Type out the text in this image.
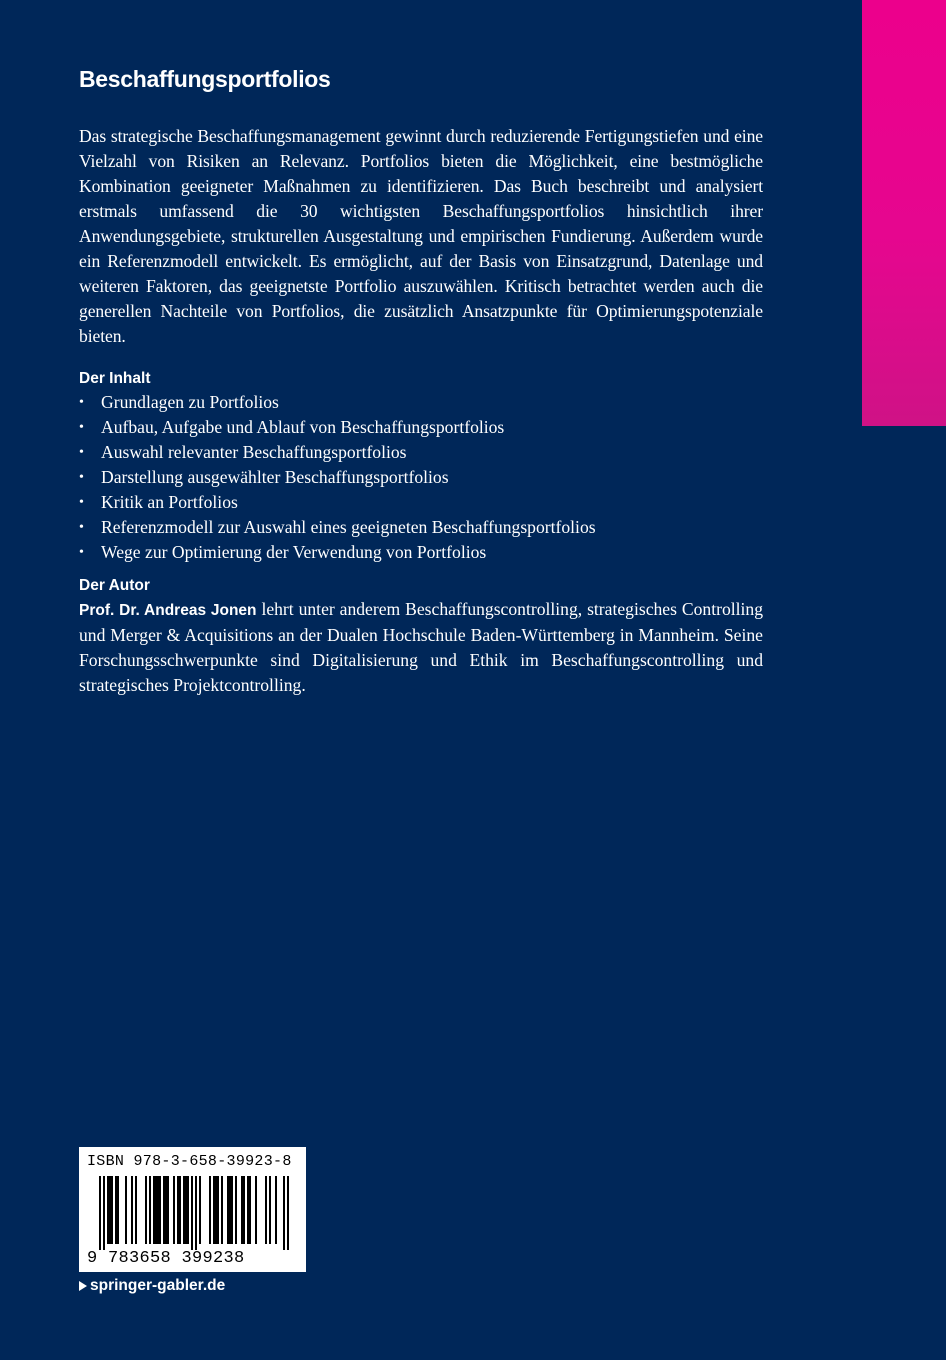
Beschaffungsportfolios

Das strategische Beschaffungsmanagement gewinnt durch reduzierende Fertigungstiefen und eine Vielzahl von Risiken an Relevanz. Portfolios bieten die Möglichkeit, eine bestmögliche Kombination geeigneter Maßnahmen zu identifizieren. Das Buch beschreibt und analysiert erstmals umfassend die 30 wichtigsten Beschaffungsportfolios hinsichtlich ihrer Anwendungsgebiete, strukturellen Ausgestaltung und empirischen Fundierung. Außerdem wurde ein Referenzmodell entwickelt. Es ermöglicht, auf der Basis von Einsatzgrund, Datenlage und weiteren Faktoren, das geeignetste Portfolio auszuwählen. Kritisch betrachtet werden auch die generellen Nachteile von Portfolios, die zusätzlich Ansatzpunkte für Optimierungspotenziale bieten.

Der Inhalt
• Grundlagen zu Portfolios
• Aufbau, Aufgabe und Ablauf von Beschaffungsportfolios
• Auswahl relevanter Beschaffungsportfolios
• Darstellung ausgewählter Beschaffungsportfolios
• Kritik an Portfolios
• Referenzmodell zur Auswahl eines geeigneten Beschaffungsportfolios
• Wege zur Optimierung der Verwendung von Portfolios
Der Autor

Prof. Dr. Andreas Jonen lehrt unter anderem Beschaffungscontrolling, strategisches Controlling und Merger & Acquisitions an der Dualen Hochschule Baden-Württemberg in Mannheim. Seine Forschungsschwerpunkte sind Digitalisierung und Ethik im Beschaffungscontrolling und strategisches Projektcontrolling.

ISBN 978-3-658-39923-8
9 783658 399238
springer-gabler.de
